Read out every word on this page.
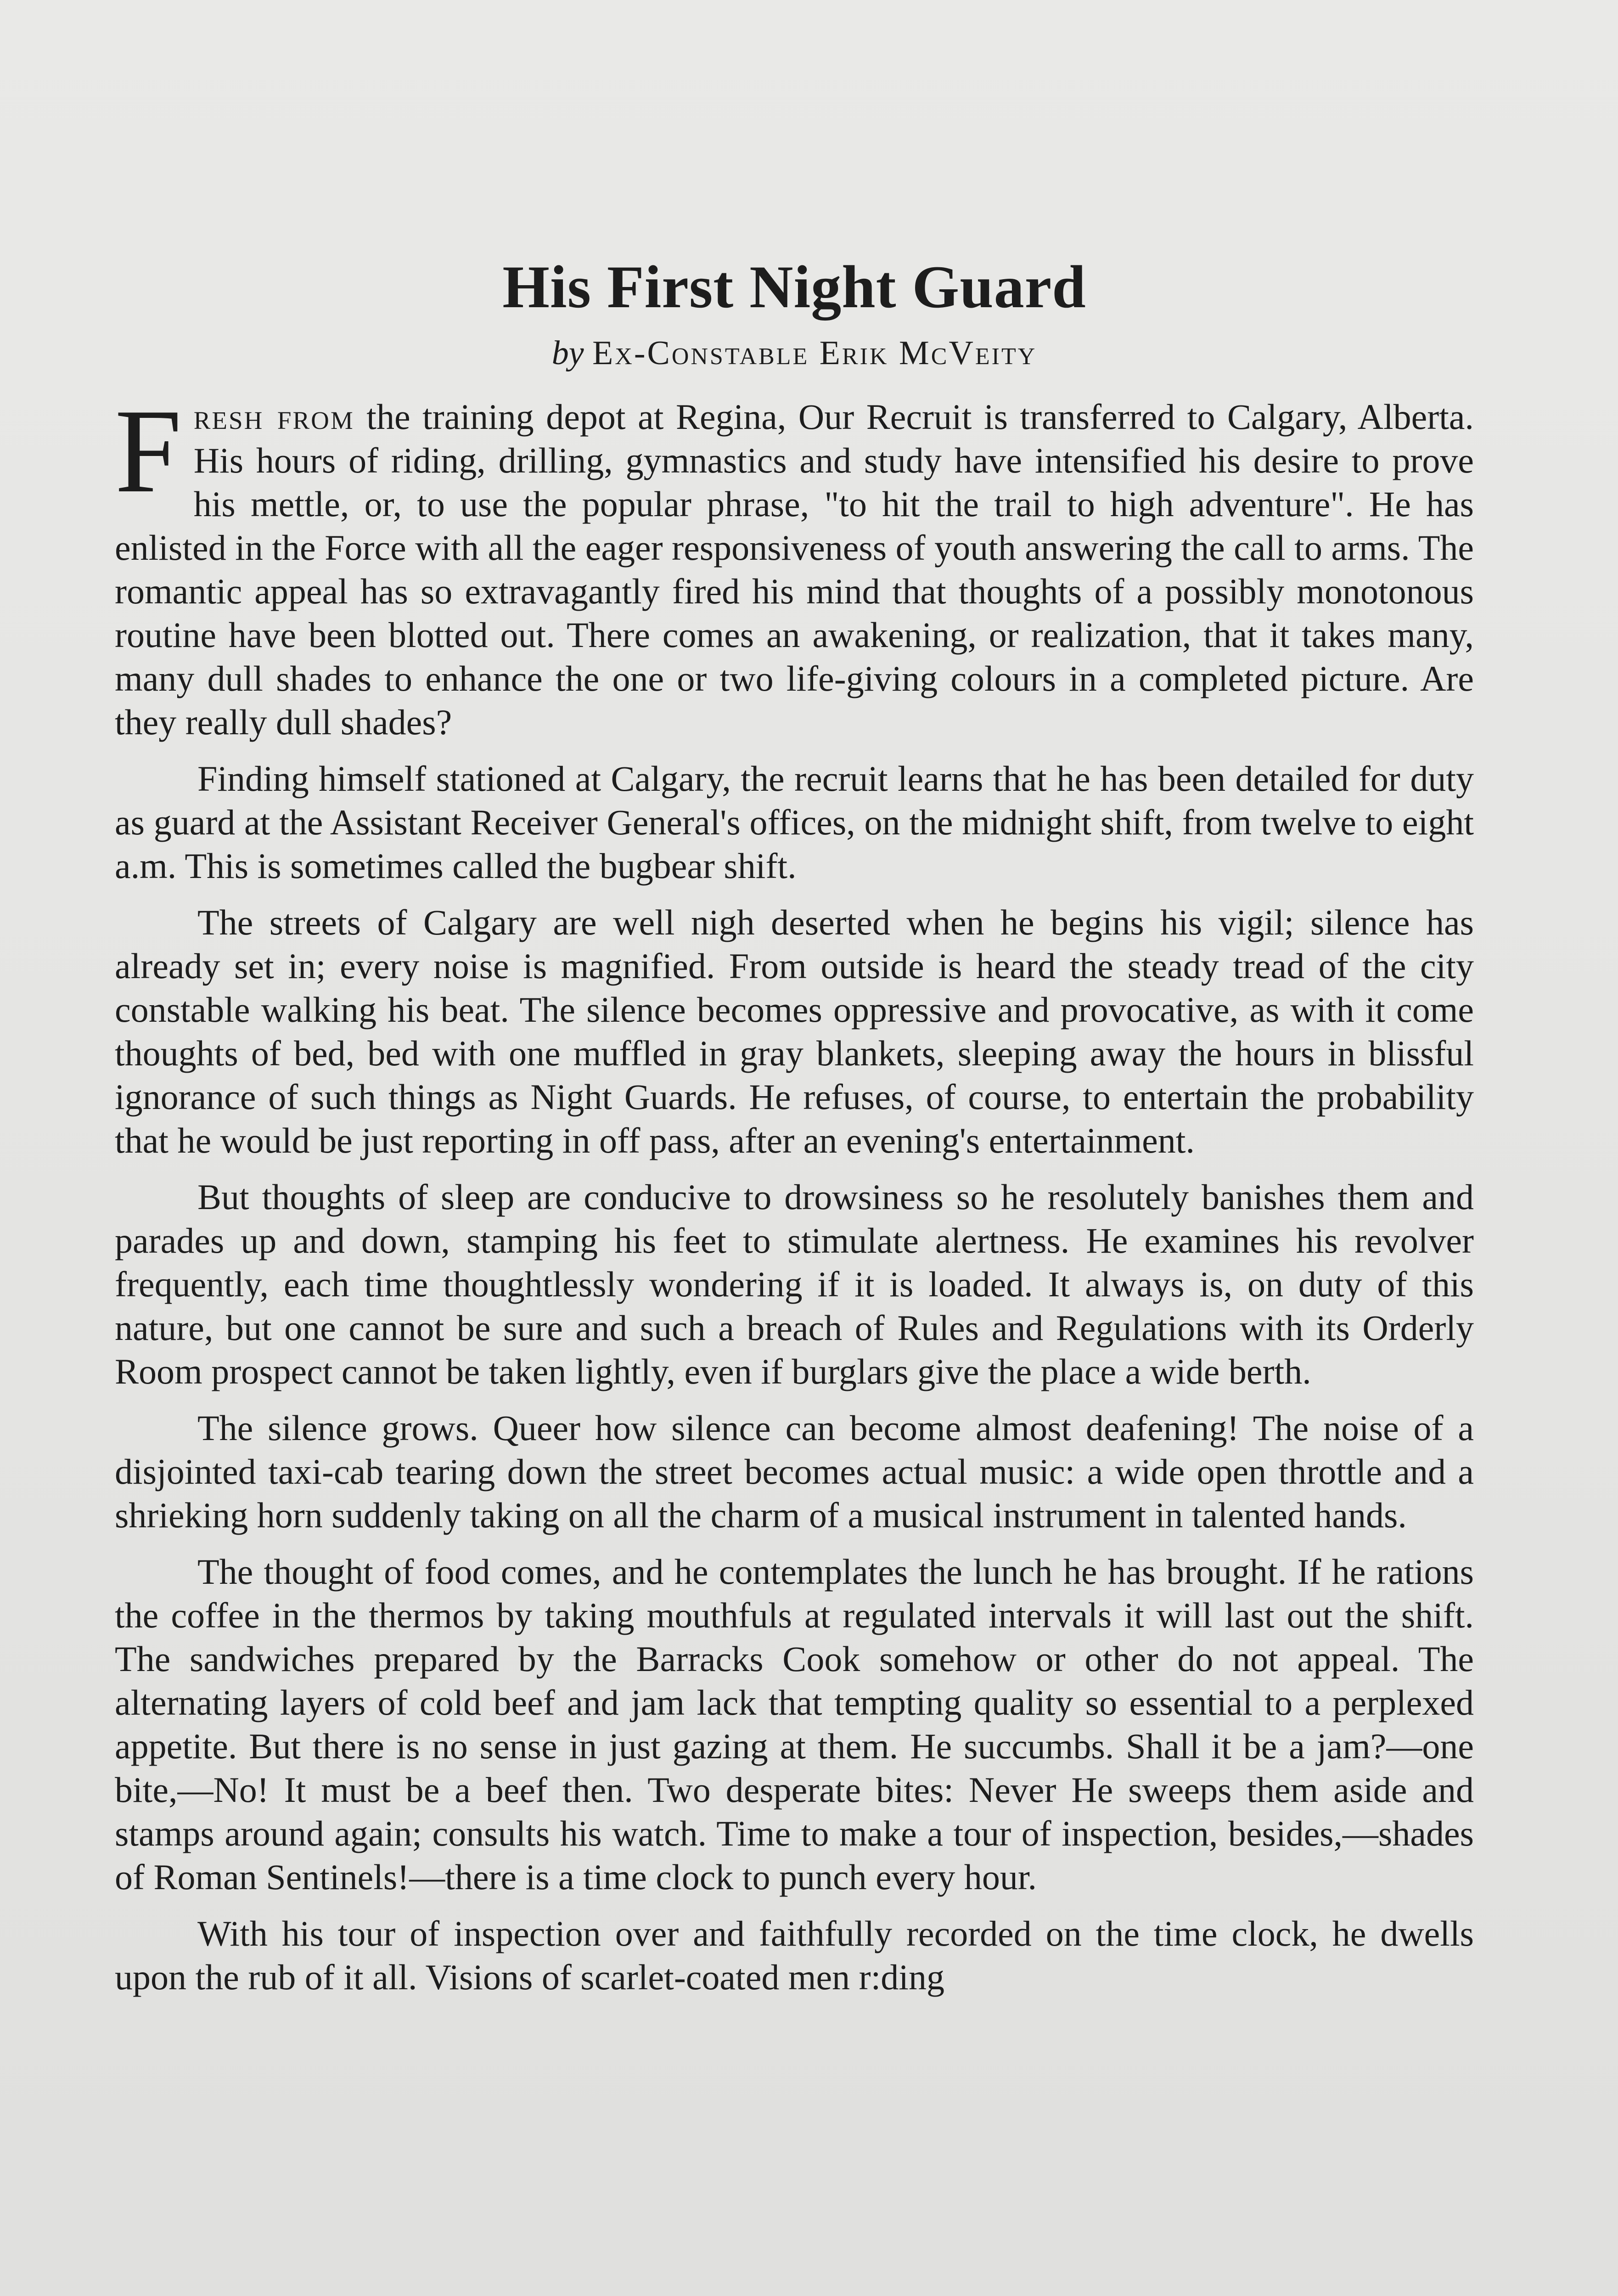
His First Night Guard
by Ex-Constable Erik McVeity

Fresh from the training depot at Regina, Our Recruit is transferred to Calgary, Alberta. His hours of riding, drilling, gymnastics and study have intensified his desire to prove his mettle, or, to use the popular phrase, "to hit the trail to high adventure". He has enlisted in the Force with all the eager responsiveness of youth answering the call to arms. The romantic appeal has so extravagantly fired his mind that thoughts of a possibly monotonous routine have been blotted out. There comes an awakening, or realization, that it takes many, many dull shades to enhance the one or two life-giving colours in a completed picture. Are they really dull shades?

Finding himself stationed at Calgary, the recruit learns that he has been detailed for duty as guard at the Assistant Receiver General's offices, on the midnight shift, from twelve to eight a.m. This is sometimes called the bugbear shift.

The streets of Calgary are well nigh deserted when he begins his vigil; silence has already set in; every noise is magnified. From outside is heard the steady tread of the city constable walking his beat. The silence becomes oppressive and provocative, as with it come thoughts of bed, bed with one muffled in gray blankets, sleeping away the hours in blissful ignorance of such things as Night Guards. He refuses, of course, to entertain the probability that he would be just reporting in off pass, after an evening's entertainment.

But thoughts of sleep are conducive to drowsiness so he resolutely banishes them and parades up and down, stamping his feet to stimulate alertness. He examines his revolver frequently, each time thoughtlessly wondering if it is loaded. It always is, on duty of this nature, but one cannot be sure and such a breach of Rules and Regulations with its Orderly Room prospect cannot be taken lightly, even if burglars give the place a wide berth.

The silence grows. Queer how silence can become almost deafening! The noise of a disjointed taxi-cab tearing down the street becomes actual music: a wide open throttle and a shrieking horn suddenly taking on all the charm of a musical instrument in talented hands.

The thought of food comes, and he contemplates the lunch he has brought. If he rations the coffee in the thermos by taking mouthfuls at regulated intervals it will last out the shift. The sandwiches prepared by the Barracks Cook somehow or other do not appeal. The alternating layers of cold beef and jam lack that tempting quality so essential to a perplexed appetite. But there is no sense in just gazing at them. He succumbs. Shall it be a jam?—one bite,—No! It must be a beef then. Two desperate bites: Never He sweeps them aside and stamps around again; consults his watch. Time to make a tour of inspection, besides,—shades of Roman Sentinels!—there is a time clock to punch every hour.

With his tour of inspection over and faithfully recorded on the time clock, he dwells upon the rub of it all. Visions of scarlet-coated men r:ding
